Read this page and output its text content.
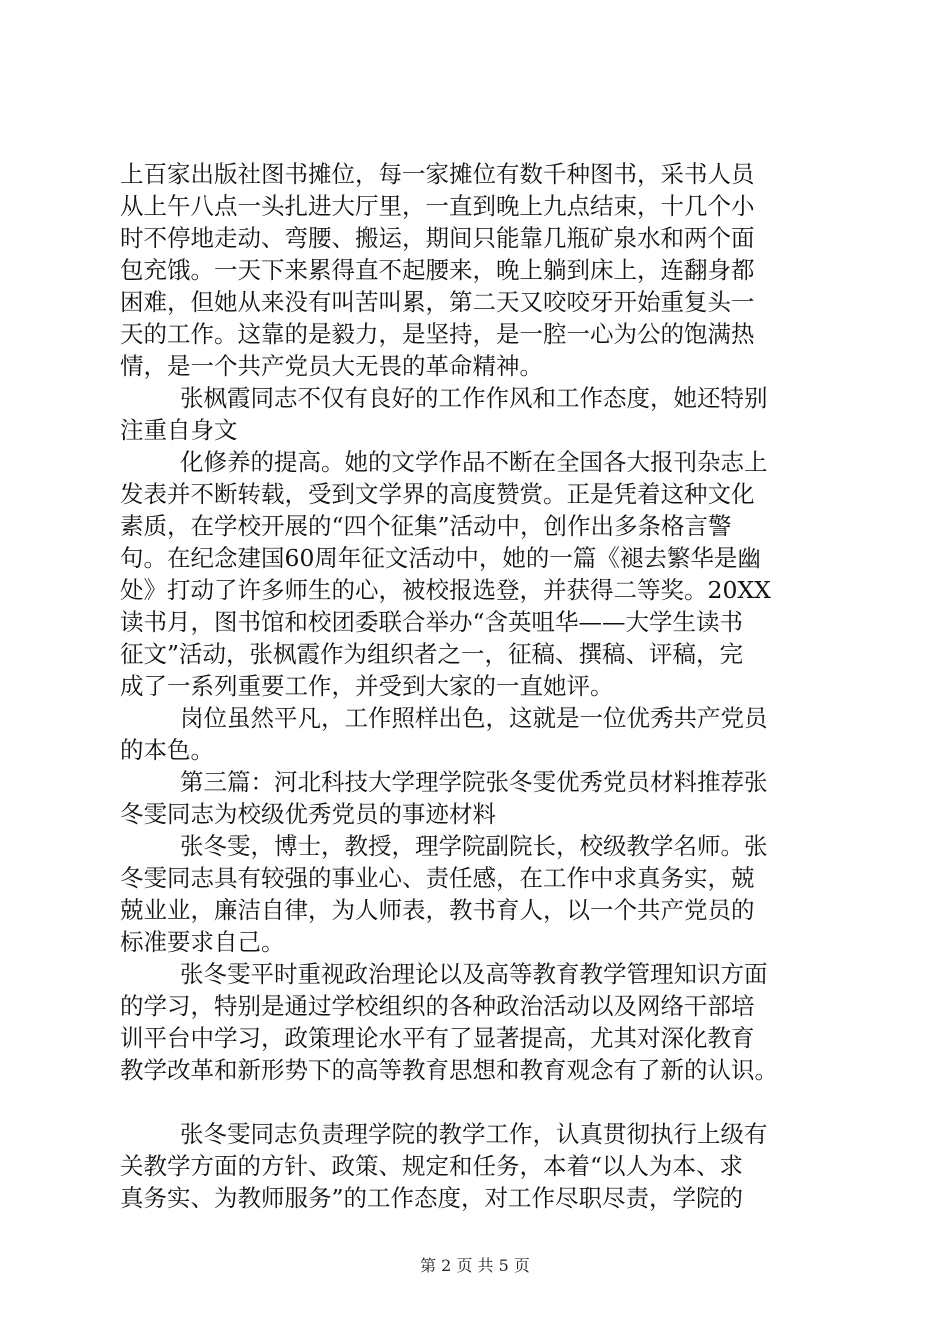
上百家出版社图书摊位，每一家摊位有数千种图书，采书人员
从上午八点一头扎进大厅里，一直到晚上九点结束，十几个小
时不停地走动、弯腰、搬运，期间只能靠几瓶矿泉水和两个面
包充饿。一天下来累得直不起腰来，晚上躺到床上，连翻身都
困难，但她从来没有叫苦叫累，第二天又咬咬牙开始重复头一
天的工作。这靠的是毅力，是坚持，是一腔一心为公的饱满热
情，是一个共产党员大无畏的革命精神。
张枫霞同志不仅有良好的工作作风和工作态度，她还特别
注重自身文
化修养的提高。她的文学作品不断在全国各大报刊杂志上
发表并不断转载，受到文学界的高度赞赏。正是凭着这种文化
素质，在学校开展的“四个征集”活动中，创作出多条格言警
句。在纪念建国60周年征文活动中，她的一篇《褪去繁华是幽
处》打动了许多师生的心，被校报选登，并获得二等奖。20XX
读书月，图书馆和校团委联合举办“含英咀华——大学生读书
征文”活动，张枫霞作为组织者之一，征稿、撰稿、评稿，完
成了一系列重要工作，并受到大家的一直她评。
岗位虽然平凡，工作照样出色，这就是一位优秀共产党员
的本色。
第三篇：河北科技大学理学院张冬雯优秀党员材料推荐张
冬雯同志为校级优秀党员的事迹材料
张冬雯，博士，教授，理学院副院长，校级教学名师。张
冬雯同志具有较强的事业心、责任感，在工作中求真务实，兢
兢业业，廉洁自律，为人师表，教书育人，以一个共产党员的
标准要求自己。
张冬雯平时重视政治理论以及高等教育教学管理知识方面
的学习，特别是通过学校组织的各种政治活动以及网络干部培
训平台中学习，政策理论水平有了显著提高，尤其对深化教育
教学改革和新形势下的高等教育思想和教育观念有了新的认识。
张冬雯同志负责理学院的教学工作，认真贯彻执行上级有
关教学方面的方针、政策、规定和任务，本着“以人为本、求
真务实、为教师服务”的工作态度，对工作尽职尽责，学院的
第 2 页 共 5 页
